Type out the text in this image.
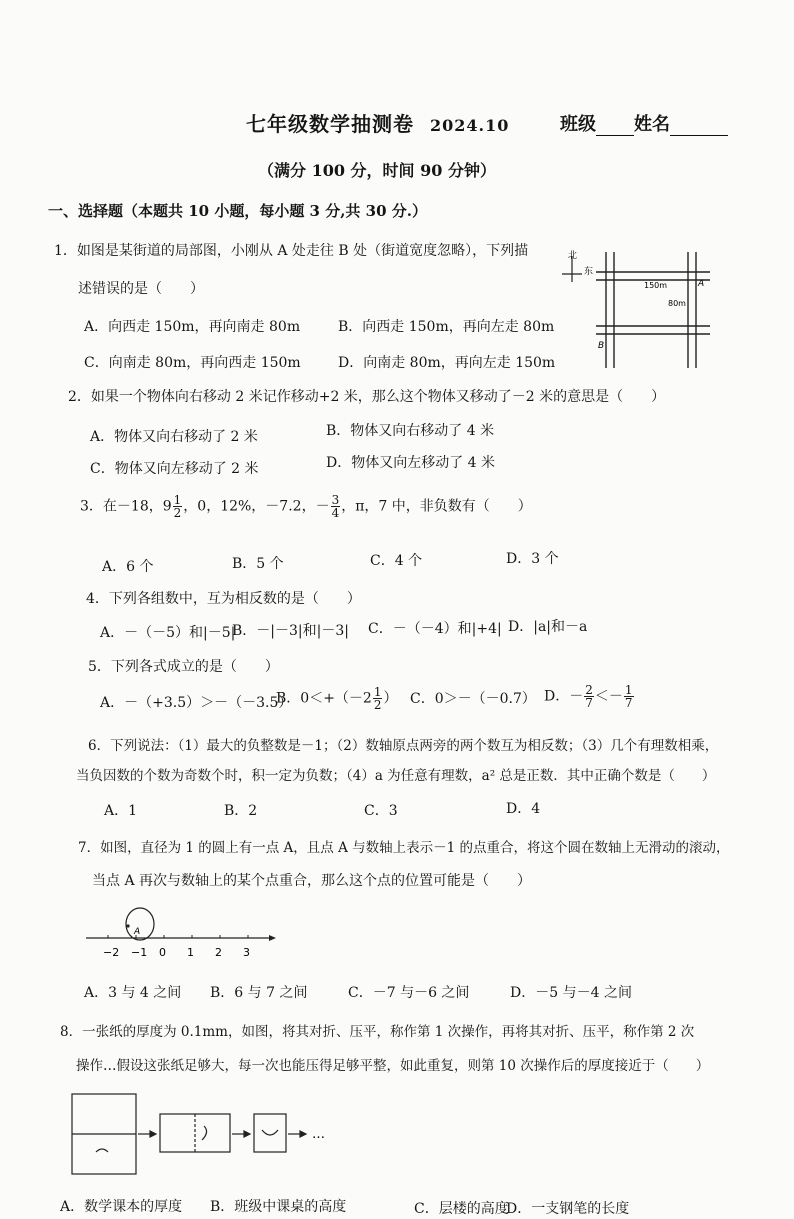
七年级数学抽测卷 2024.10	班级 姓名
（满分 100 分，时间 90 分钟）
一、选择题（本题共 10 小题，每小题 3 分,共 30 分.）
1．如图是某街道的局部图，小刚从 A 处走往 B 处（街道宽度忽略），下列描
述错误的是（　　）
A．向西走 150m，再向南走 80m	B．向西走 150m，再向左走 80m
C．向南走 80m，再向西走 150m	D．向南走 80m，再向左走 150m
北
东
150m
80m
A
B
2．如果一个物体向右移动 2 米记作移动+2 米，那么这个物体又移动了－2 米的意思是（　　）
A．物体又向右移动了 2 米	B．物体又向右移动了 4 米
C．物体又向左移动了 2 米	D．物体又向左移动了 4 米
3．在－18，$9 \frac{1}{2}$ ，0，12%，－7.2，－ $\frac{3}{4}$ ，π，7 中，非负数有（　　）
A．6 个	B．5 个	C．4 个	D．3 个
4．下列各组数中，互为相反数的是（　　）
A．－（－5）和|－5|
B．－|－3|和|－3| C．－（－4）和|+4| D．|a|和－a
5．下列各式成立的是（　　）
A．－（+3.5）＞－（－3.5）
B．$0<+(-2 \frac{1}{2}$ ） C．0＞－（－0.7） D．－ $\frac{2}{7} <- \frac{1}{7}$
6．下列说法：（1）最大的负整数是－1；（2）数轴原点两旁的两个数互为相反数；（3）几个有理数相乘，
当负因数的个数为奇数个时，积一定为负数；（4）a 为任意有理数，a² 总是正数．其中正确个数是（　　）
A．1	B．2	C．3	D．4
7．如图，直径为 1 的圆上有一点 A，且点 A 与数轴上表示－1 的点重合，将这个圆在数轴上无滑动的滚动，
当点 A 再次与数轴上的某个点重合，那么这个点的位置可能是（　　）
A
−2 −1 0 1 2 3
A．3 与 4 之间 B．6 与 7 之间	C．－7 与－6 之间	D．－5 与－4 之间
8．一张纸的厚度为 0.1mm，如图，将其对折、压平，称作第 1 次操作，再将其对折、压平，称作第 2 次
操作…假设这张纸足够大，每一次也能压得足够平整，如此重复，则第 10 次操作后的厚度接近于（　　）
…
A．数学课本的厚度 B．班级中课桌的高度	C．层楼的高度
D．一支钢笔的长度
